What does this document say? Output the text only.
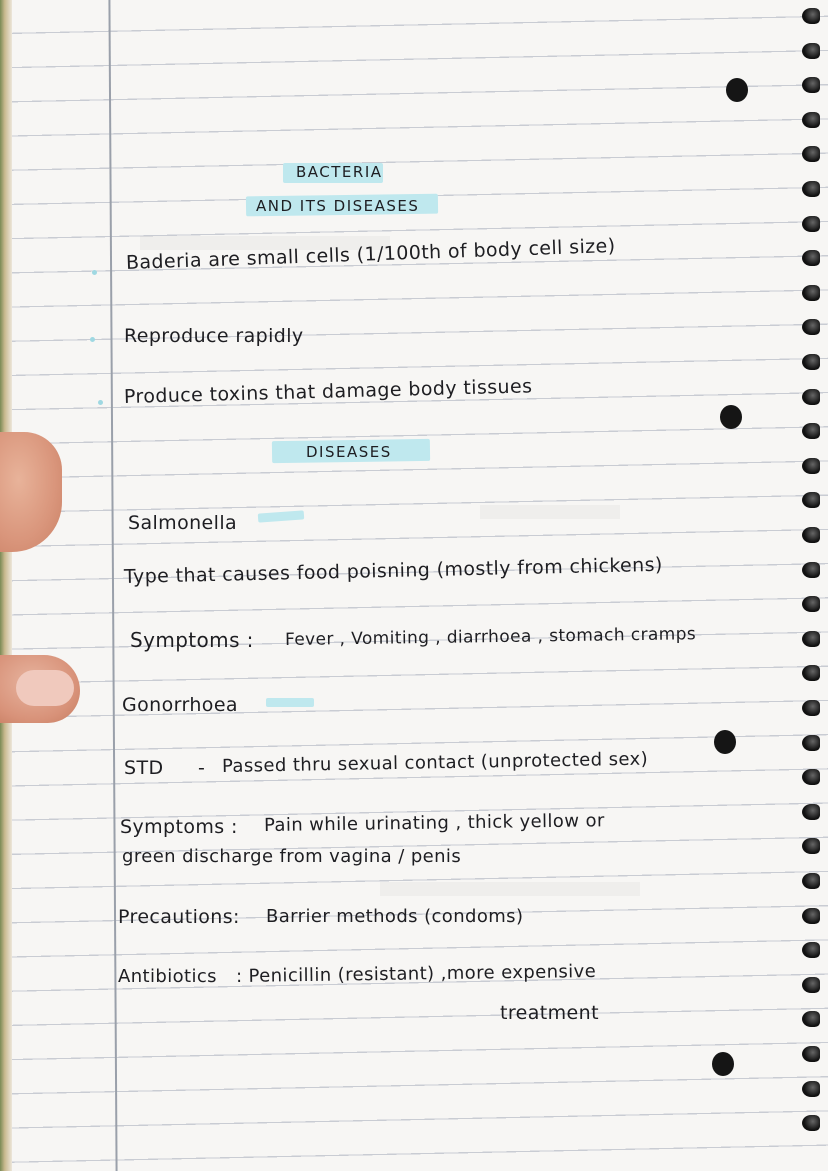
BACTERIA
AND ITS DISEASES
Baderia are small cells (1/100th of body cell size)
Reproduce rapidly
Produce toxins that damage body tissues
DISEASES
Salmonella
Type that causes food poisning (mostly from chickens)
Symptoms : Fever , Vomiting , diarrhoea , stomach cramps
Gonorrhoea
STD - Passed thru sexual contact (unprotected sex)
Symptoms : Pain while urinating , thick yellow or
green discharge from vagina / penis
Precautions: Barrier methods (condoms)
Antibiotics : Penicillin (resistant) ,more expensive
treatment
